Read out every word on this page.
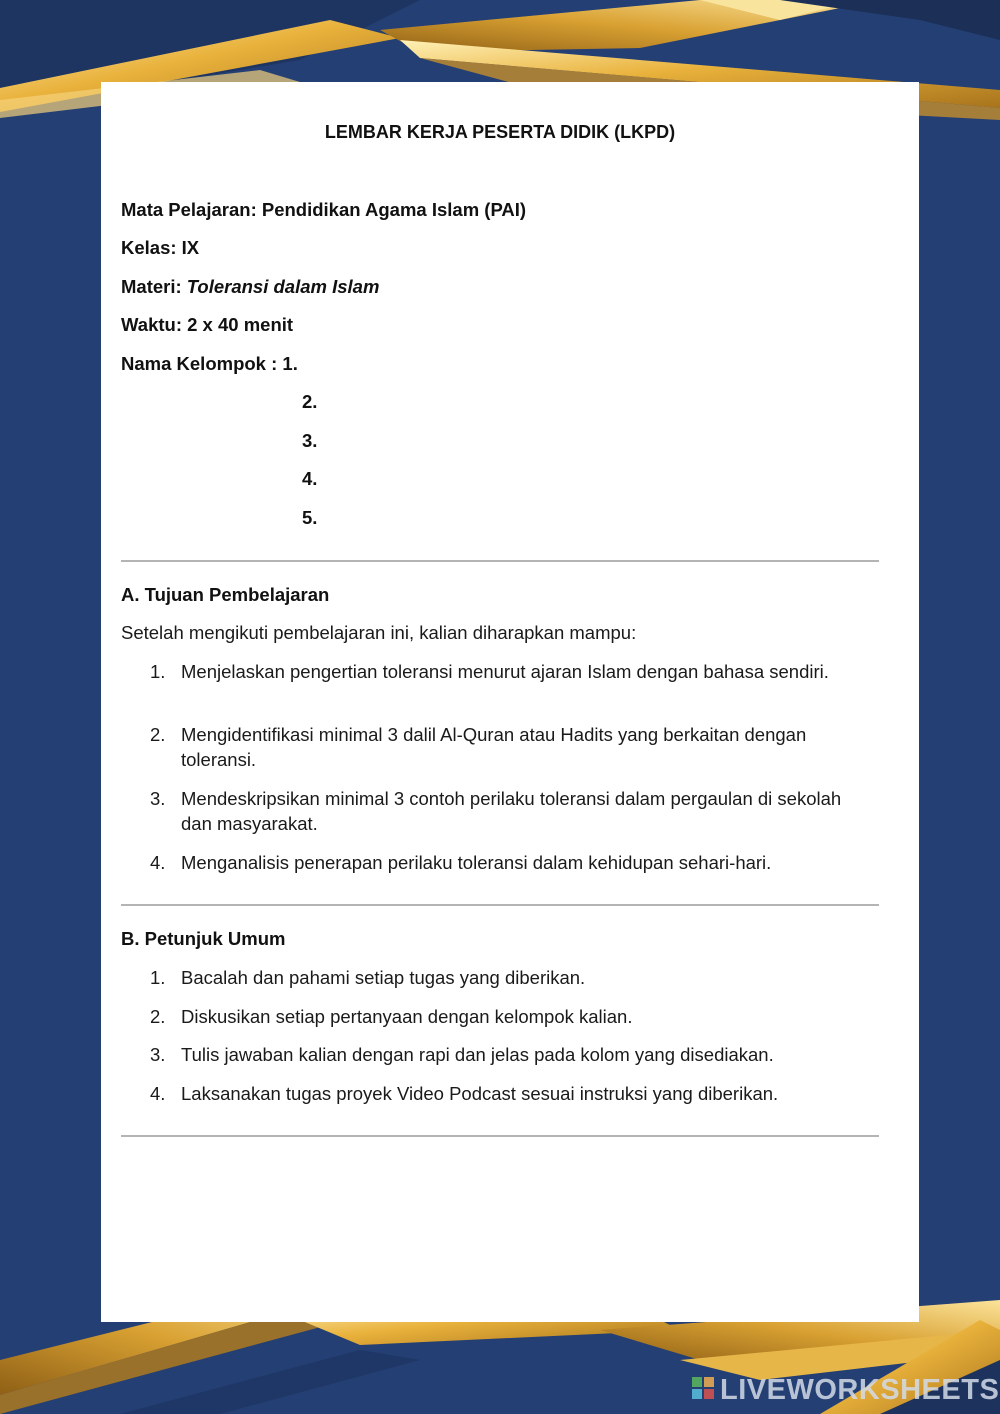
LEMBAR KERJA PESERTA DIDIK (LKPD)
Mata Pelajaran: Pendidikan Agama Islam (PAI)
Kelas: IX
Materi: Toleransi dalam Islam
Waktu: 2 x 40 menit
Nama Kelompok : 1.
2.
3.
4.
5.
A. Tujuan Pembelajaran
Setelah mengikuti pembelajaran ini, kalian diharapkan mampu:
1. Menjelaskan pengertian toleransi menurut ajaran Islam dengan bahasa sendiri.
2. Mengidentifikasi minimal 3 dalil Al-Quran atau Hadits yang berkaitan dengan toleransi.
3. Mendeskripsikan minimal 3 contoh perilaku toleransi dalam pergaulan di sekolah dan masyarakat.
4. Menganalisis penerapan perilaku toleransi dalam kehidupan sehari-hari.
B. Petunjuk Umum
1. Bacalah dan pahami setiap tugas yang diberikan.
2. Diskusikan setiap pertanyaan dengan kelompok kalian.
3. Tulis jawaban kalian dengan rapi dan jelas pada kolom yang disediakan.
4. Laksanakan tugas proyek Video Podcast sesuai instruksi yang diberikan.
LIVEWORKSHEETS
